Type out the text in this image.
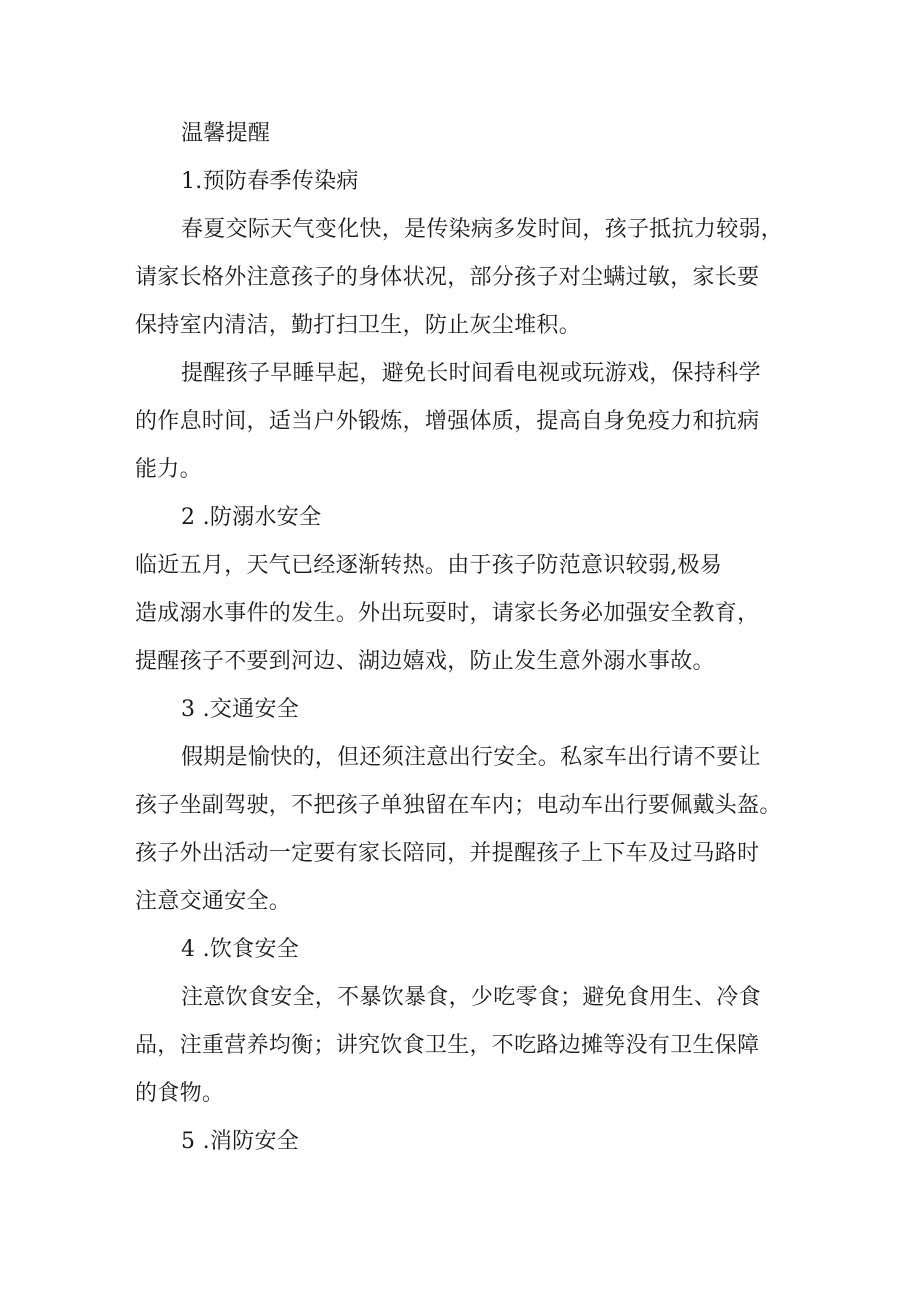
温馨提醒
1.预防春季传染病
春夏交际天气变化快，是传染病多发时间，孩子抵抗力较弱，
请家长格外注意孩子的身体状况，部分孩子对尘螨过敏，家长要
保持室内清洁，勤打扫卫生，防止灰尘堆积。
提醒孩子早睡早起，避免长时间看电视或玩游戏，保持科学
的作息时间，适当户外锻炼，增强体质，提高自身免疫力和抗病
能力。
2 .防溺水安全
临近五月，天气已经逐渐转热。由于孩子防范意识较弱,极易
造成溺水事件的发生。外出玩耍时，请家长务必加强安全教育，
提醒孩子不要到河边、湖边嬉戏，防止发生意外溺水事故。
3 .交通安全
假期是愉快的，但还须注意出行安全。私家车出行请不要让
孩子坐副驾驶，不把孩子单独留在车内；电动车出行要佩戴头盔。
孩子外出活动一定要有家长陪同，并提醒孩子上下车及过马路时
注意交通安全。
4 .饮食安全
注意饮食安全，不暴饮暴食，少吃零食；避免食用生、冷食
品，注重营养均衡；讲究饮食卫生，不吃路边摊等没有卫生保障
的食物。
5 .消防安全
